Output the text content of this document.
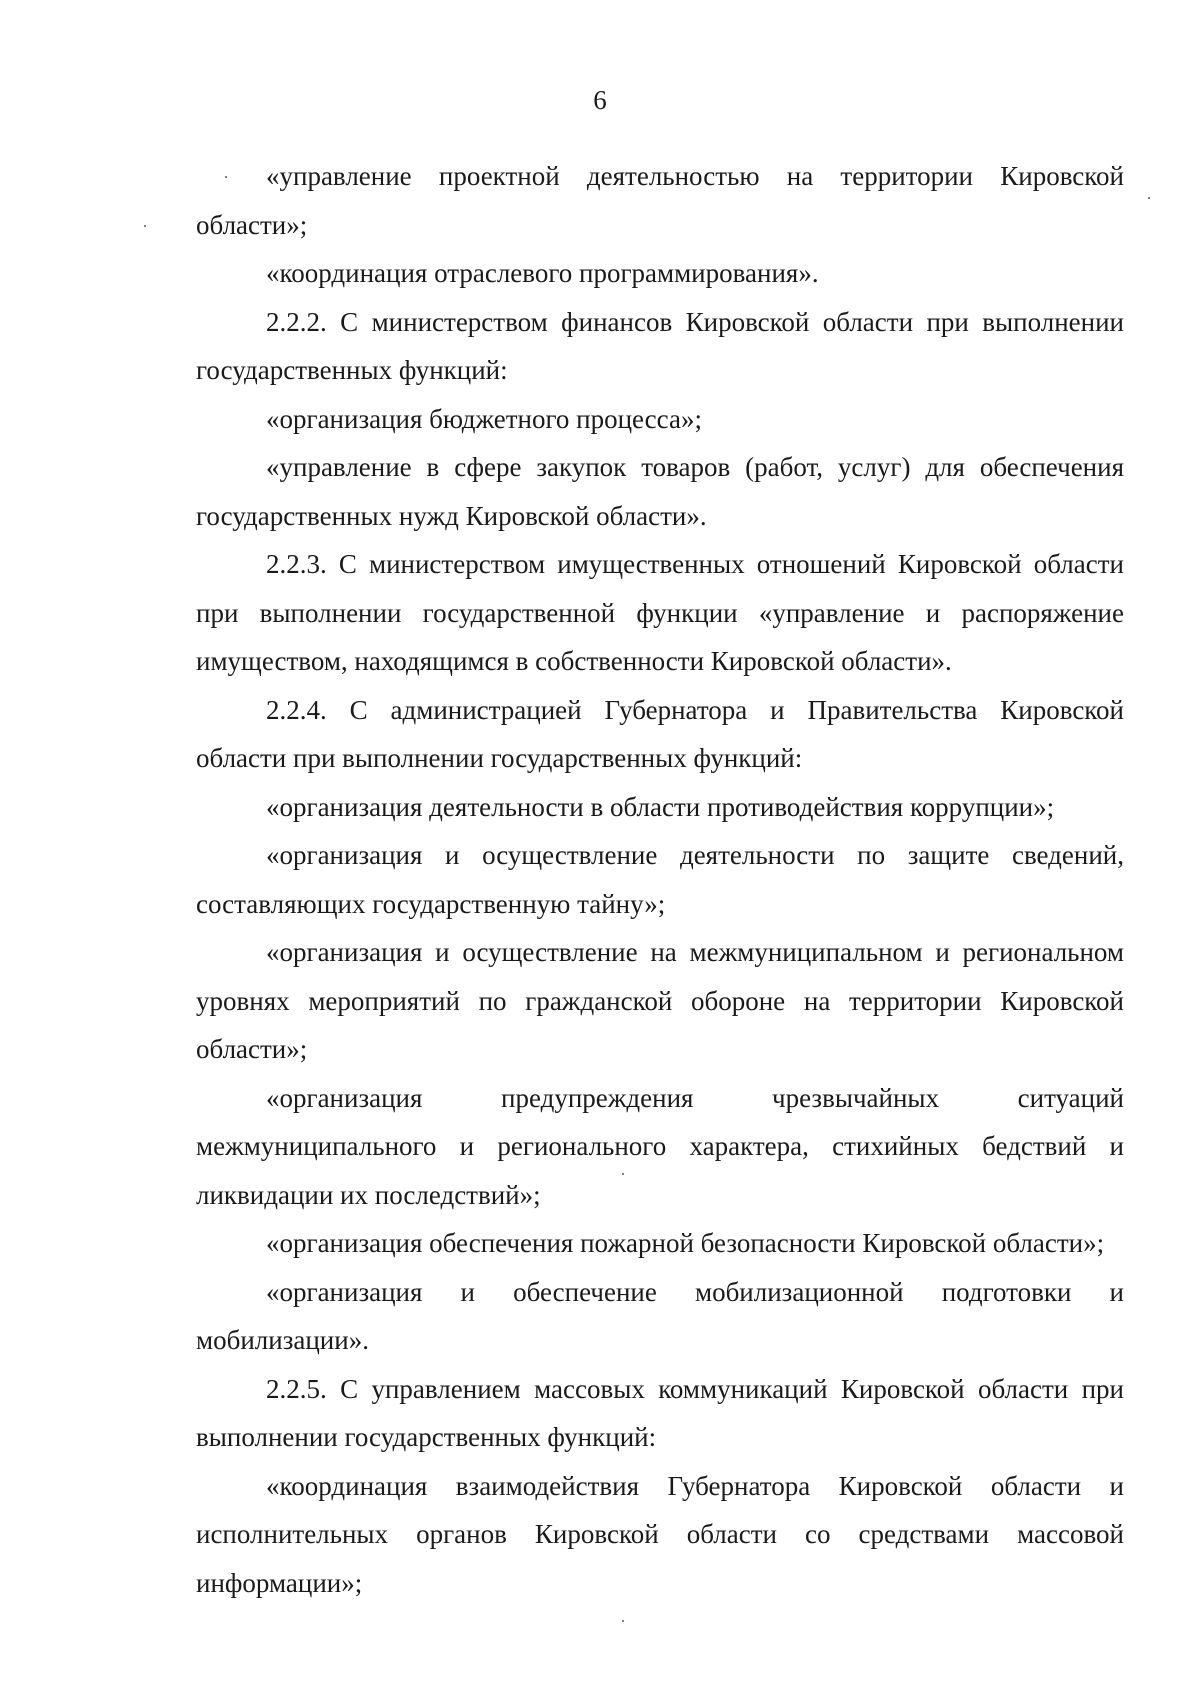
6

«управление проектной деятельностью на территории Кировской области»;

«координация отраслевого программирования».

2.2.2. С министерством финансов Кировской области при выполнении государственных функций:

«организация бюджетного процесса»;

«управление в сфере закупок товаров (работ, услуг) для обеспечения государственных нужд Кировской области».

2.2.3. С министерством имущественных отношений Кировской области при выполнении государственной функции «управление и распоряжение имуществом, находящимся в собственности Кировской области».

2.2.4. С администрацией Губернатора и Правительства Кировской области при выполнении государственных функций:

«организация деятельности в области противодействия коррупции»;

«организация и осуществление деятельности по защите сведений, составляющих государственную тайну»;

«организация и осуществление на межмуниципальном и региональном уровнях мероприятий по гражданской обороне на территории Кировской области»;

«организация предупреждения чрезвычайных ситуаций межмуниципального и регионального характера, стихийных бедствий и ликвидации их последствий»;

«организация обеспечения пожарной безопасности Кировской области»;

«организация и обеспечение мобилизационной подготовки и мобилизации».

2.2.5. С управлением массовых коммуникаций Кировской области при выполнении государственных функций:

«координация взаимодействия Губернатора Кировской области и исполнительных органов Кировской области со средствами массовой информации»;
